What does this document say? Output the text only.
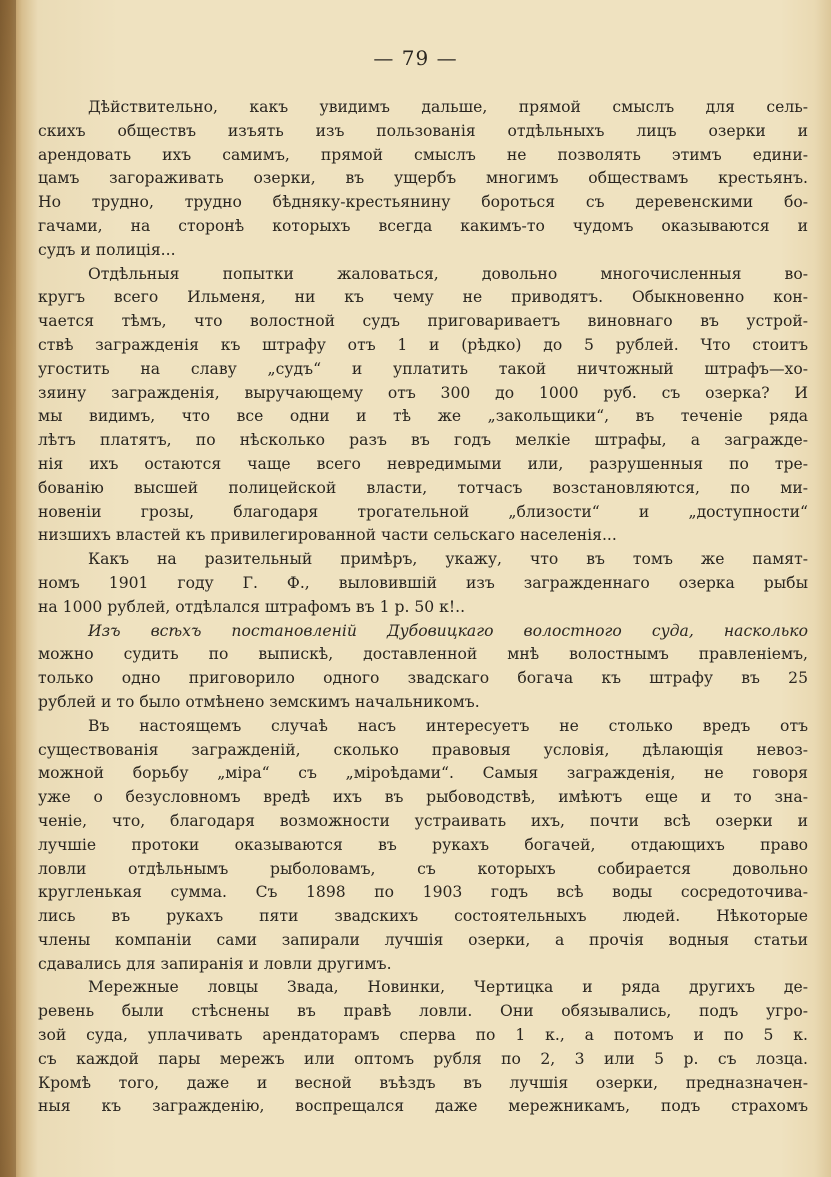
— 79 —

Дѣйствительно, какъ увидимъ дальше, прямой смыслъ для сель-
скихъ обществъ изъять изъ пользованія отдѣльныхъ лицъ озерки и
арендовать ихъ самимъ, прямой смыслъ не позволять этимъ едини-
цамъ загораживать озерки, въ ущербъ многимъ обществамъ крестьянъ.
Но трудно, трудно бѣдняку-крестьянину бороться съ деревенскими бо-
гачами, на сторонѣ которыхъ всегда какимъ-то чудомъ оказываются и
судъ и полиція...

Отдѣльныя попытки жаловаться, довольно многочисленныя во-
кругъ всего Ильменя, ни къ чему не приводятъ. Обыкновенно кон-
чается тѣмъ, что волостной судъ приговариваетъ виновнаго въ устрой-
ствѣ загражденія къ штрафу отъ 1 и (рѣдко) до 5 рублей. Что стоитъ
угостить на славу „судъ“ и уплатить такой ничтожный штрафъ—хо-
зяину загражденія, выручающему отъ 300 до 1000 руб. съ озерка? И
мы видимъ, что все одни и тѣ же „закольщики“, въ теченіе ряда
лѣтъ платятъ, по нѣсколько разъ въ годъ мелкіе штрафы, а загражде-
нія ихъ остаются чаще всего невредимыми или, разрушенныя по тре-
бованію высшей полицейской власти, тотчасъ возстановляются, по ми-
новеніи грозы, благодаря трогательной „близости“ и „доступности“
низшихъ властей къ привилегированной части сельскаго населенія...

Какъ на разительный примѣръ, укажу, что въ томъ же памят-
номъ 1901 году Г. Ф., выловившій изъ загражденнаго озерка рыбы
на 1000 рублей, отдѣлался штрафомъ въ 1 р. 50 к!..

Изъ всѣхъ постановленій Дубовицкаго волостного суда, насколько
можно судить по выпискѣ, доставленной мнѣ волостнымъ правленіемъ,
только одно приговорило одного звадскаго богача къ штрафу въ 25
рублей и то было отмѣнено земскимъ начальникомъ.

Въ настоящемъ случаѣ насъ интересуетъ не столько вредъ отъ
существованія загражденій, сколько правовыя условія, дѣлающія невоз-
можной борьбу „міра“ съ „міроѣдами“. Самыя загражденія, не говоря
уже о безусловномъ вредѣ ихъ въ рыбоводствѣ, имѣютъ еще и то зна-
ченіе, что, благодаря возможности устраивать ихъ, почти всѣ озерки и
лучшіе протоки оказываются въ рукахъ богачей, отдающихъ право
ловли отдѣльнымъ рыболовамъ, съ которыхъ собирается довольно
кругленькая сумма. Съ 1898 по 1903 годъ всѣ воды сосредоточива-
лись въ рукахъ пяти звадскихъ состоятельныхъ людей. Нѣкоторые
члены компаніи сами запирали лучшія озерки, а прочія водныя статьи
сдавались для запиранія и ловли другимъ.

Мережные ловцы Звада, Новинки, Чертицка и ряда другихъ де-
ревень были стѣснены въ правѣ ловли. Они обязывались, подъ угро-
зой суда, уплачивать арендаторамъ сперва по 1 к., а потомъ и по 5 к.
съ каждой пары мережъ или оптомъ рубля по 2, 3 или 5 р. съ лозца.
Кромѣ того, даже и весной въѣздъ въ лучшія озерки, предназначен-
ныя къ загражденію, воспрещался даже мережникамъ, подъ страхомъ
